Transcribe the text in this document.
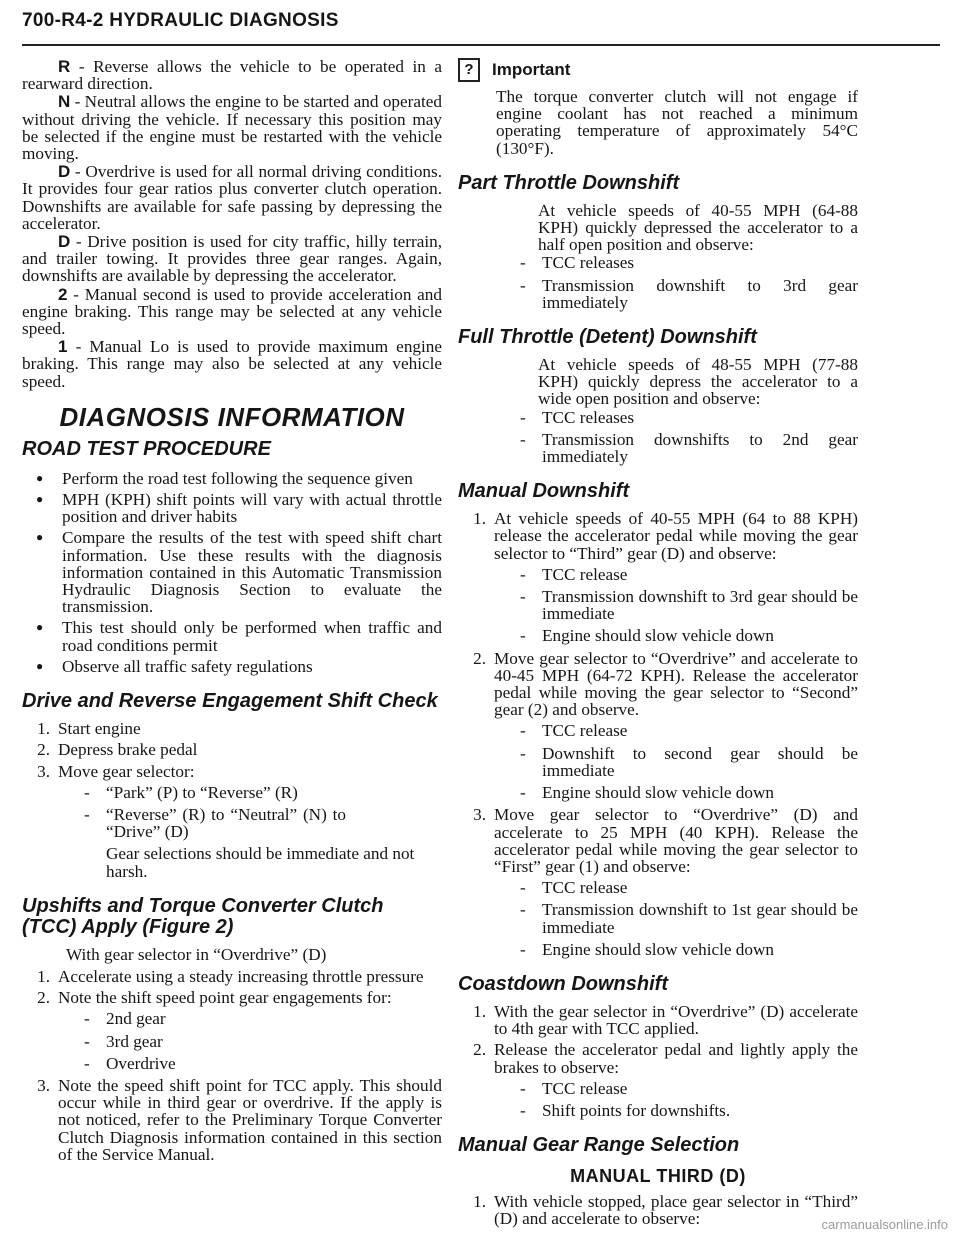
700-R4-2 HYDRAULIC DIAGNOSIS

R - Reverse allows the vehicle to be operated in a rearward direction.

N - Neutral allows the engine to be started and operated without driving the vehicle. If necessary this position may be selected if the engine must be restarted with the vehicle moving.

D - Overdrive is used for all normal driving conditions. It provides four gear ratios plus converter clutch operation. Downshifts are available for safe passing by depressing the accelerator.

D - Drive position is used for city traffic, hilly terrain, and trailer towing. It provides three gear ranges. Again, downshifts are available by depressing the accelerator.

2 - Manual second is used to provide acceleration and engine braking. This range may be selected at any vehicle speed.

1 - Manual Lo is used to provide maximum engine braking. This range may also be selected at any vehicle speed.

DIAGNOSIS INFORMATION
ROAD TEST PROCEDURE
●	Perform the road test following the sequence given
●	MPH (KPH) shift points will vary with actual throttle position and driver habits
●	Compare the results of the test with speed shift chart information. Use these results with the diagnosis information contained in this Automatic Transmission Hydraulic Diagnosis Section to evaluate the transmission.
●	This test should only be performed when traffic and road conditions permit
●	Observe all traffic safety regulations
Drive and Reverse Engagement Shift Check
1. Start engine
2. Depress brake pedal
3. Move gear selector:
- “Park” (P) to “Reverse” (R)
- “Reverse” (R) to “Neutral” (N) to “Drive” (D)
Gear selections should be immediate and not harsh.
Upshifts and Torque Converter Clutch (TCC) Apply (Figure 2)
With gear selector in “Overdrive” (D)
1. Accelerate using a steady increasing throttle pressure
2. Note the shift speed point gear engagements for:
- 2nd gear
- 3rd gear
- Overdrive
3. Note the speed shift point for TCC apply. This should occur while in third gear or overdrive. If the apply is not noticed, refer to the Preliminary Torque Converter Clutch Diagnosis information contained in this section of the Service Manual.
?	Important

The torque converter clutch will not engage if engine coolant has not reached a minimum operating temperature of approximately 54°C (130°F).

Part Throttle Downshift

At vehicle speeds of 40-55 MPH (64-88 KPH) quickly depressed the accelerator to a half open position and observe:

- TCC releases
- Transmission downshift to 3rd gear immediately
Full Throttle (Detent) Downshift

At vehicle speeds of 48-55 MPH (77-88 KPH) quickly depress the accelerator to a wide open position and observe:

- TCC releases
- Transmission downshifts to 2nd gear immediately
Manual Downshift
1. At vehicle speeds of 40-55 MPH (64 to 88 KPH) release the accelerator pedal while moving the gear selector to “Third” gear (D) and observe:
- TCC release
- Transmission downshift to 3rd gear should be immediate
- Engine should slow vehicle down
2. Move gear selector to “Overdrive” and accelerate to 40-45 MPH (64-72 KPH). Release the accelerator pedal while moving the gear selector to “Second” gear (2) and observe.
- TCC release
- Downshift to second gear should be immediate
- Engine should slow vehicle down
3. Move gear selector to “Overdrive” (D) and accelerate to 25 MPH (40 KPH). Release the accelerator pedal while moving the gear selector to “First” gear (1) and observe:
- TCC release
- Transmission downshift to 1st gear should be immediate
- Engine should slow vehicle down
Coastdown Downshift
1. With the gear selector in “Overdrive” (D) accelerate to 4th gear with TCC applied.
2. Release the accelerator pedal and lightly apply the brakes to observe:
- TCC release
- Shift points for downshifts.
Manual Gear Range Selection
MANUAL THIRD (D)
1. With vehicle stopped, place gear selector in “Third” (D) and accelerate to observe:	carmanualsonline.info
